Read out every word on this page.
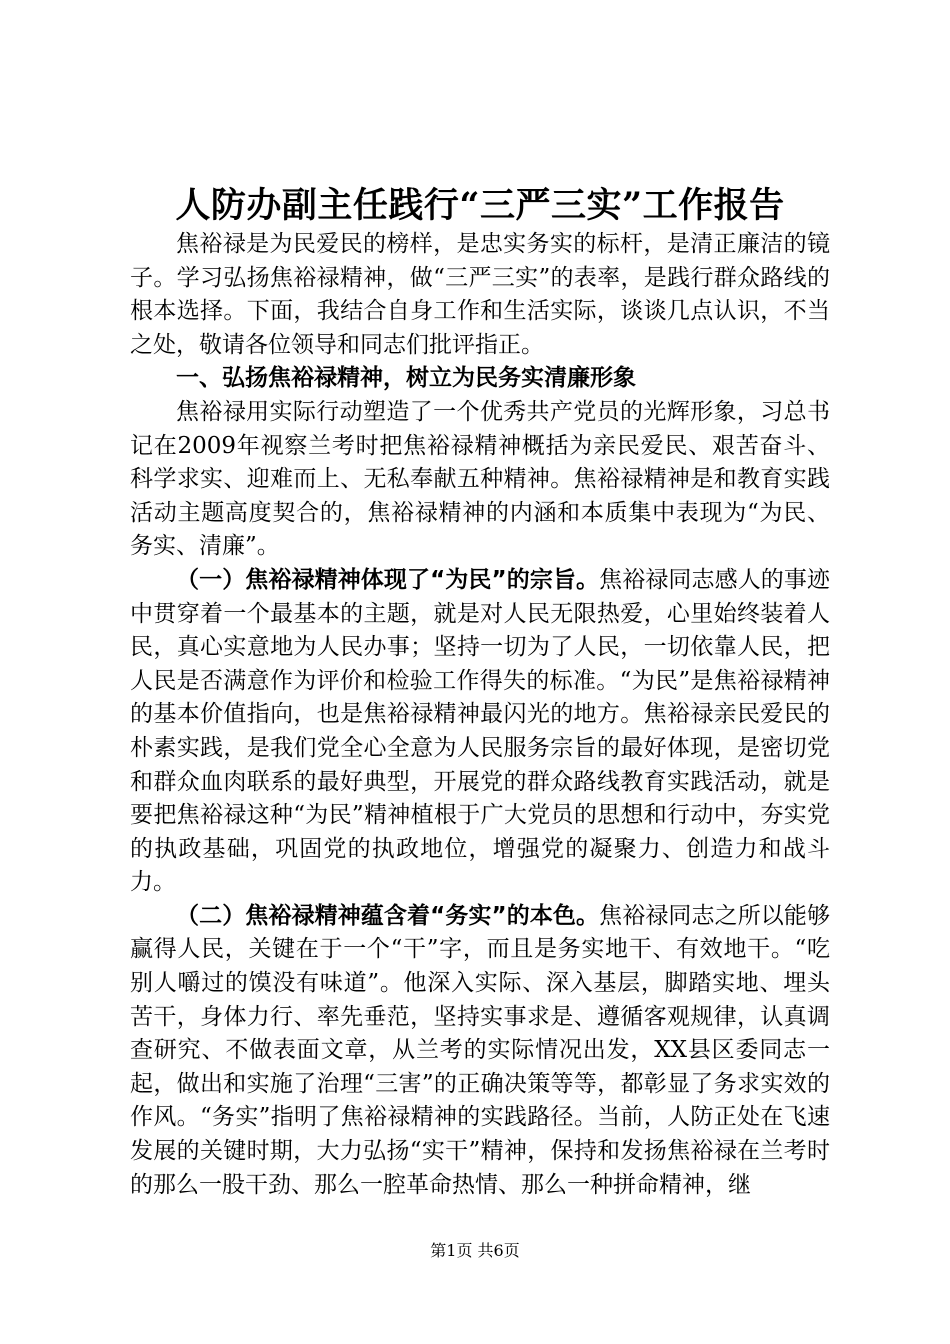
人防办副主任践行“三严三实”工作报告

焦裕禄是为民爱民的榜样，是忠实务实的标杆，是清正廉洁的镜子。学习弘扬焦裕禄精神，做“三严三实”的表率，是践行群众路线的根本选择。下面，我结合自身工作和生活实际，谈谈几点认识，不当之处，敬请各位领导和同志们批评指正。

一、弘扬焦裕禄精神，树立为民务实清廉形象

焦裕禄用实际行动塑造了一个优秀共产党员的光辉形象，习总书记在2009年视察兰考时把焦裕禄精神概括为亲民爱民、艰苦奋斗、科学求实、迎难而上、无私奉献五种精神。焦裕禄精神是和教育实践活动主题高度契合的，焦裕禄精神的内涵和本质集中表现为“为民、务实、清廉”。

（一）焦裕禄精神体现了“为民”的宗旨。焦裕禄同志感人的事迹中贯穿着一个最基本的主题，就是对人民无限热爱，心里始终装着人民，真心实意地为人民办事；坚持一切为了人民，一切依靠人民，把人民是否满意作为评价和检验工作得失的标准。“为民”是焦裕禄精神的基本价值指向，也是焦裕禄精神最闪光的地方。焦裕禄亲民爱民的朴素实践，是我们党全心全意为人民服务宗旨的最好体现，是密切党和群众血肉联系的最好典型，开展党的群众路线教育实践活动，就是要把焦裕禄这种“为民”精神植根于广大党员的思想和行动中，夯实党的执政基础，巩固党的执政地位，增强党的凝聚力、创造力和战斗力。

（二）焦裕禄精神蕴含着“务实”的本色。焦裕禄同志之所以能够赢得人民，关键在于一个“干”字，而且是务实地干、有效地干。“吃别人嚼过的馍没有味道”。他深入实际、深入基层，脚踏实地、埋头苦干，身体力行、率先垂范，坚持实事求是、遵循客观规律，认真调查研究、不做表面文章，从兰考的实际情况出发，XX县区委同志一起，做出和实施了治理“三害”的正确决策等等，都彰显了务求实效的作风。“务实”指明了焦裕禄精神的实践路径。当前，人防正处在飞速发展的关键时期，大力弘扬“实干”精神，保持和发扬焦裕禄在兰考时的那么一股干劲、那么一腔革命热情、那么一种拼命精神，继

第1页 共6页
